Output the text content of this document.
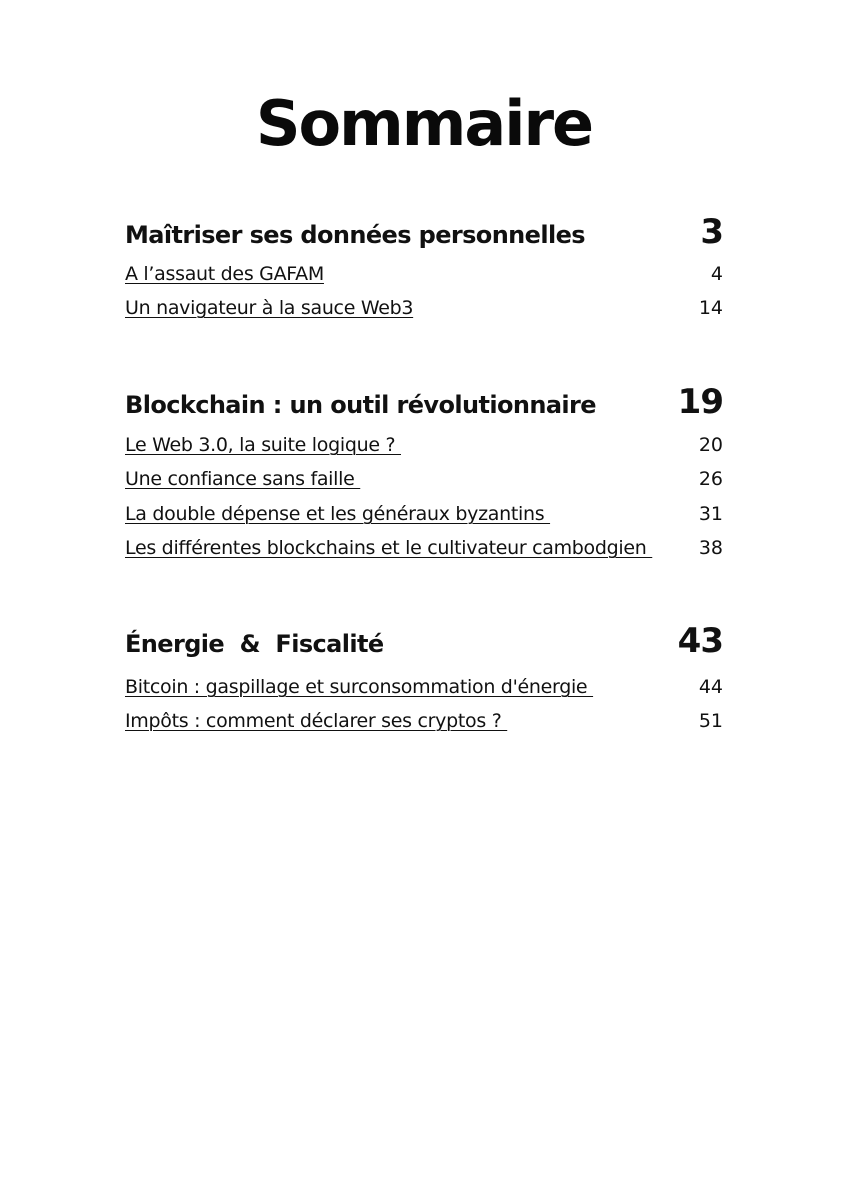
Sommaire
Maîtriser ses données personnelles	3
A l’assaut des GAFAM	4
Un navigateur à la sauce Web3	14
Blockchain : un outil révolutionnaire 19
Le Web 3.0, la suite logique ?	20
Une confiance sans faille	26
La double dépense et les généraux byzantins	31
Les différentes blockchains et le cultivateur cambodgien 38
Énergie  &  Fiscalité	43
Bitcoin : gaspillage et surconsommation d'énergie	44
Impôts : comment déclarer ses cryptos ?	51
